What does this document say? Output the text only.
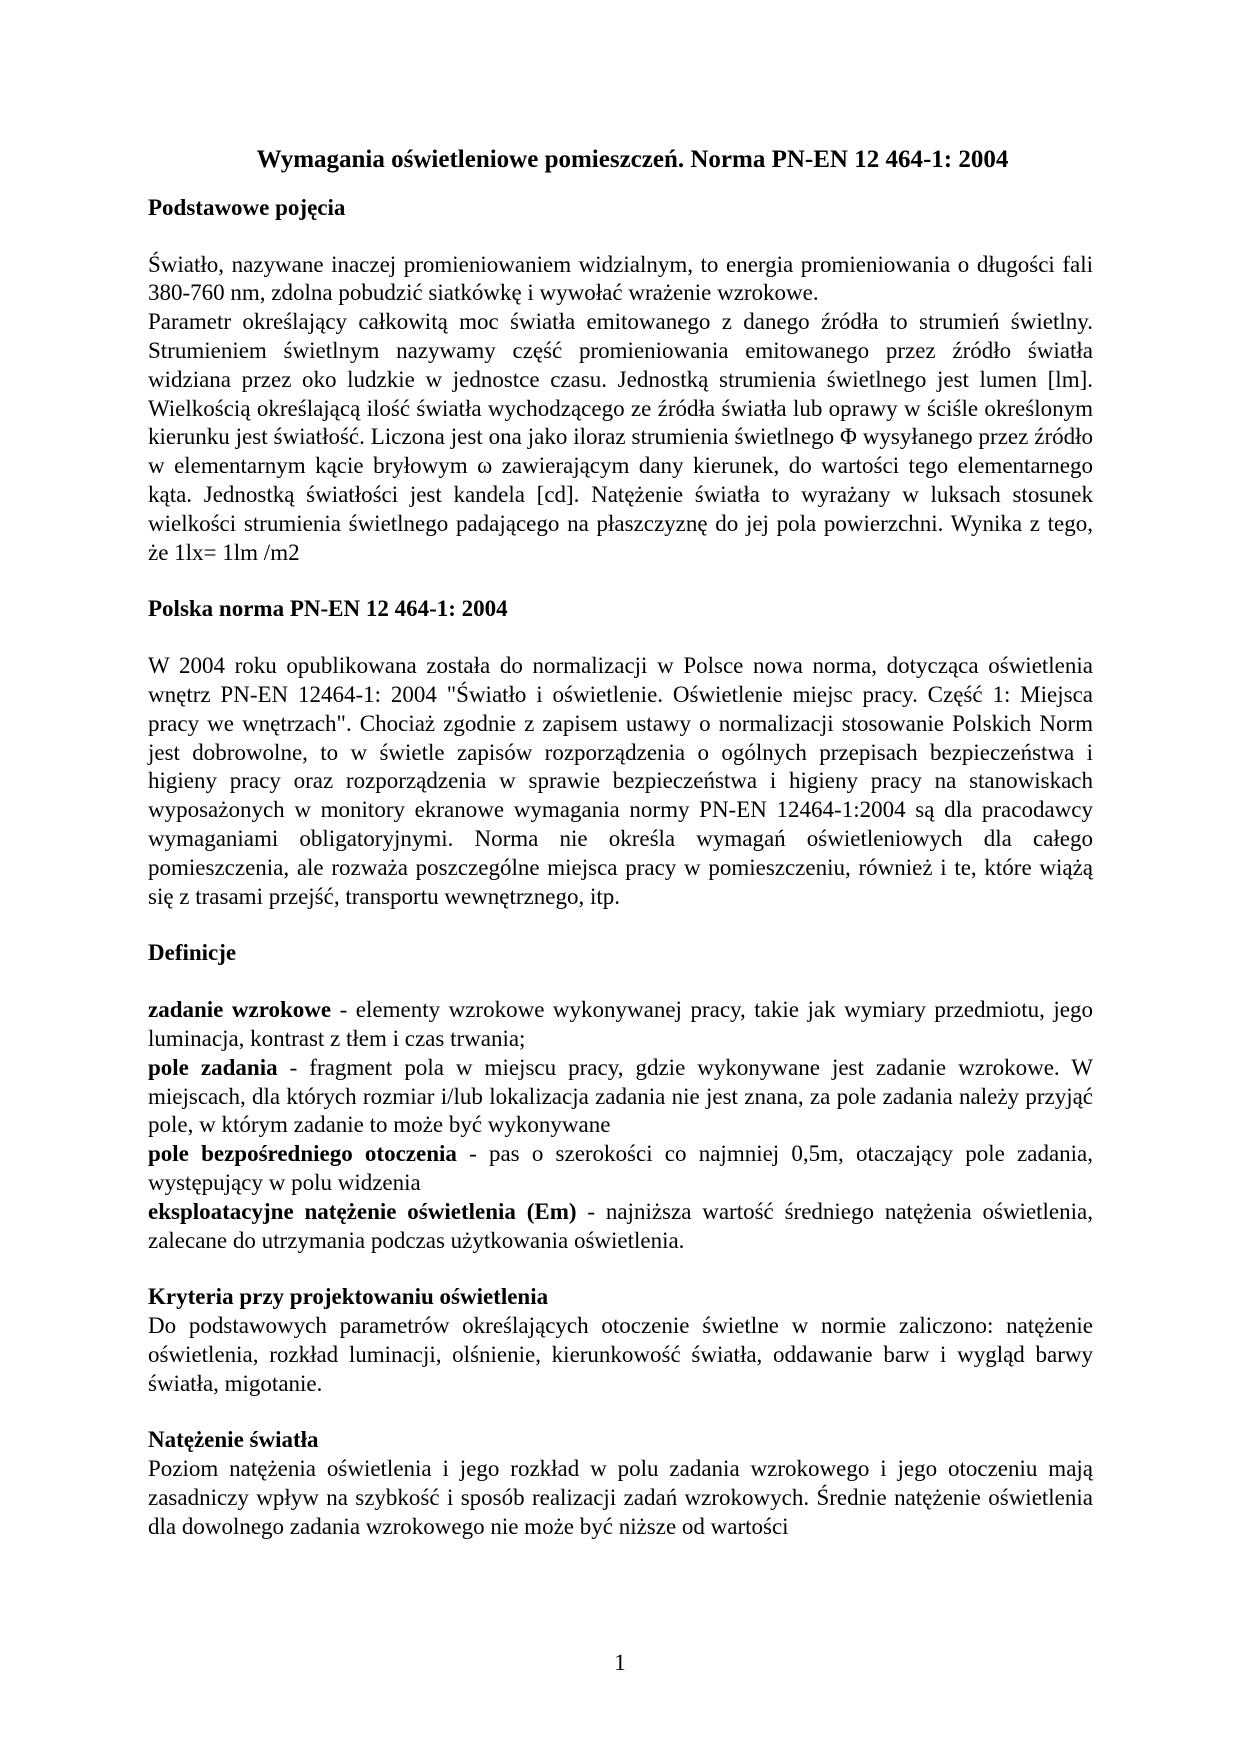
Wymagania oświetleniowe pomieszczeń. Norma PN-EN 12 464-1: 2004

Podstawowe pojęcia

Światło, nazywane inaczej promieniowaniem widzialnym, to energia promieniowania o długości fali 380-760 nm, zdolna pobudzić siatkówkę i wywołać wrażenie wzrokowe.

Parametr określający całkowitą moc światła emitowanego z danego źródła to strumień świetlny. Strumieniem świetlnym nazywamy część promieniowania emitowanego przez źródło światła widziana przez oko ludzkie w jednostce czasu. Jednostką strumienia świetlnego jest lumen [lm]. Wielkością określającą ilość światła wychodzącego ze źródła światła lub oprawy w ściśle określonym kierunku jest światłość. Liczona jest ona jako iloraz strumienia świetlnego Φ wysyłanego przez źródło w elementarnym kącie bryłowym ω zawierającym dany kierunek, do wartości tego elementarnego kąta. Jednostką światłości jest kandela [cd]. Natężenie światła to wyrażany w luksach stosunek wielkości strumienia świetlnego padającego na płaszczyznę do jej pola powierzchni. Wynika z tego, że 1lx= 1lm /m2

Polska norma PN-EN 12 464-1: 2004

W 2004 roku opublikowana została do normalizacji w Polsce nowa norma, dotycząca oświetlenia wnętrz PN-EN 12464-1: 2004 "Światło i oświetlenie. Oświetlenie miejsc pracy. Część 1: Miejsca pracy we wnętrzach". Chociaż zgodnie z zapisem ustawy o normalizacji stosowanie Polskich Norm jest dobrowolne, to w świetle zapisów rozporządzenia o ogólnych przepisach bezpieczeństwa i higieny pracy oraz rozporządzenia w sprawie bezpieczeństwa i higieny pracy na stanowiskach wyposażonych w monitory ekranowe wymagania normy PN-EN 12464-1:2004 są dla pracodawcy wymaganiami obligatoryjnymi. Norma nie określa wymagań oświetleniowych dla całego pomieszczenia, ale rozważa poszczególne miejsca pracy w pomieszczeniu, również i te, które wiążą się z trasami przejść, transportu wewnętrznego, itp.

Definicje

zadanie wzrokowe - elementy wzrokowe wykonywanej pracy, takie jak wymiary przedmiotu, jego luminacja, kontrast z tłem i czas trwania;

pole zadania - fragment pola w miejscu pracy, gdzie wykonywane jest zadanie wzrokowe. W miejscach, dla których rozmiar i/lub lokalizacja zadania nie jest znana, za pole zadania należy przyjąć pole, w którym zadanie to może być wykonywane

pole bezpośredniego otoczenia - pas o szerokości co najmniej 0,5m, otaczający pole zadania, występujący w polu widzenia

eksploatacyjne natężenie oświetlenia (Em) - najniższa wartość średniego natężenia oświetlenia, zalecane do utrzymania podczas użytkowania oświetlenia.

Kryteria przy projektowaniu oświetlenia

Do podstawowych parametrów określających otoczenie świetlne w normie zaliczono: natężenie oświetlenia, rozkład luminacji, olśnienie, kierunkowość światła, oddawanie barw i wygląd barwy światła, migotanie.

Natężenie światła

Poziom natężenia oświetlenia i jego rozkład w polu zadania wzrokowego i jego otoczeniu mają zasadniczy wpływ na szybkość i sposób realizacji zadań wzrokowych. Średnie natężenie oświetlenia dla dowolnego zadania wzrokowego nie może być niższe od wartości

1
